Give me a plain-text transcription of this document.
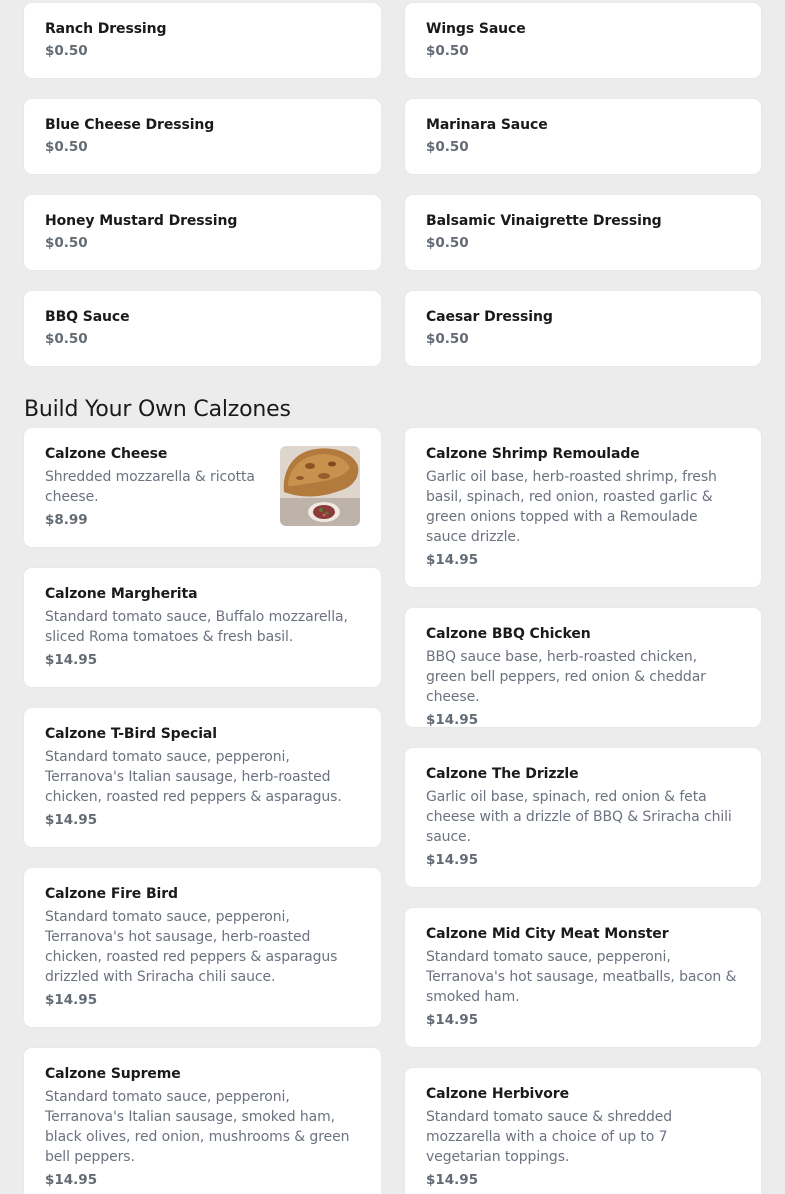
Ranch Dressing
$0.50
Wings Sauce
$0.50
Blue Cheese Dressing
$0.50
Marinara Sauce
$0.50
Honey Mustard Dressing
$0.50
Balsamic Vinaigrette Dressing
$0.50
BBQ Sauce
$0.50
Caesar Dressing
$0.50
Build Your Own Calzones
Calzone Cheese
Shredded mozzarella & ricotta cheese.
$8.99
Calzone Margherita
Standard tomato sauce, Buffalo mozzarella, sliced Roma tomatoes & fresh basil.
$14.95
Calzone T-Bird Special
Standard tomato sauce, pepperoni, Terranova's Italian sausage, herb-roasted chicken, roasted red peppers & asparagus.
$14.95
Calzone Fire Bird
Standard tomato sauce, pepperoni, Terranova's hot sausage, herb-roasted chicken, roasted red peppers & asparagus drizzled with Sriracha chili sauce.
$14.95
Calzone Supreme
Standard tomato sauce, pepperoni, Terranova's Italian sausage, smoked ham, black olives, red onion, mushrooms & green bell peppers.
$14.95
Calzone Shrimp Remoulade
Garlic oil base, herb-roasted shrimp, fresh basil, spinach, red onion, roasted garlic & green onions topped with a Remoulade sauce drizzle.
$14.95
Calzone BBQ Chicken
BBQ sauce base, herb-roasted chicken, green bell peppers, red onion & cheddar cheese.
$14.95
Calzone The Drizzle
Garlic oil base, spinach, red onion & feta cheese with a drizzle of BBQ & Sriracha chili sauce.
$14.95
Calzone Mid City Meat Monster
Standard tomato sauce, pepperoni, Terranova's hot sausage, meatballs, bacon & smoked ham.
$14.95
Calzone Herbivore
Standard tomato sauce & shredded mozzarella with a choice of up to 7 vegetarian toppings.
$14.95
